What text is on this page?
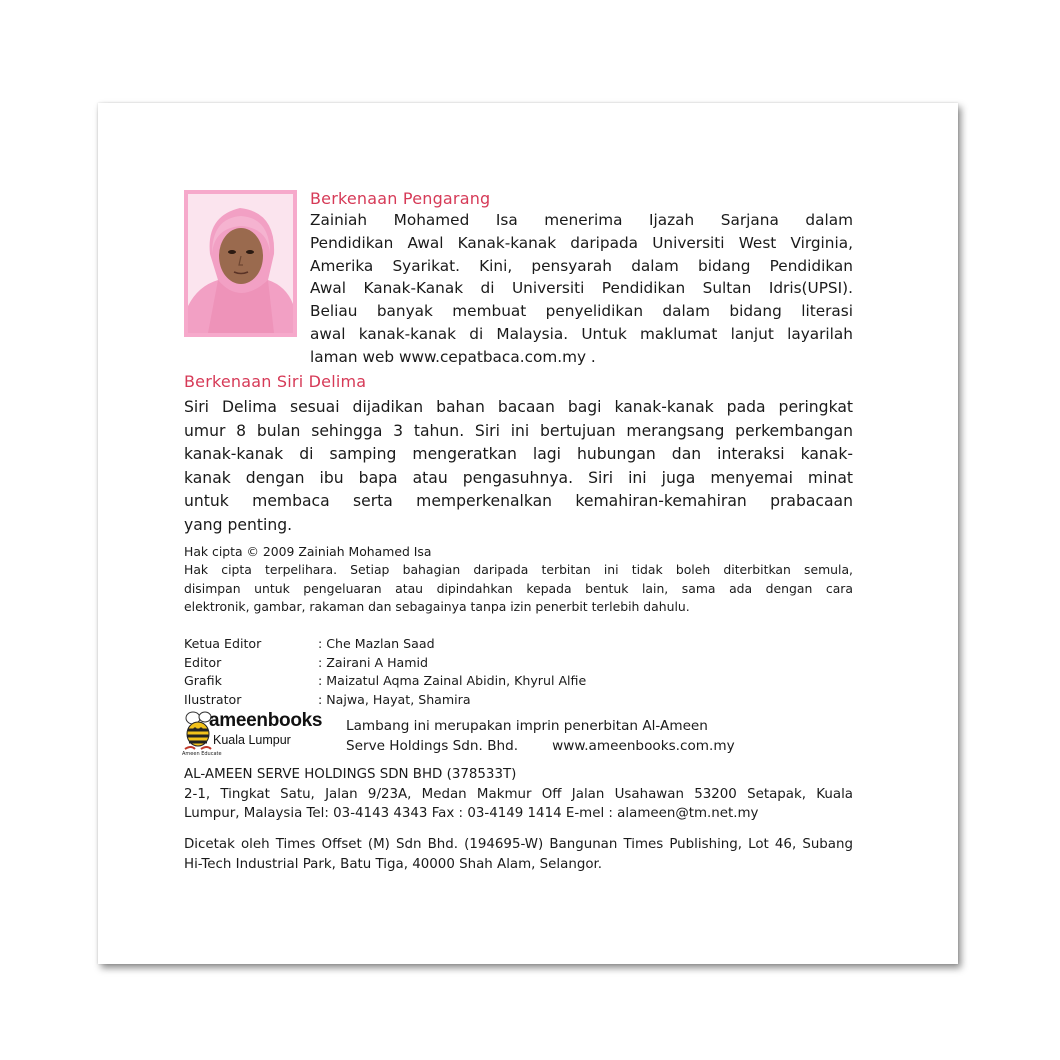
Berkenaan Pengarang
Zainiah Mohamed Isa menerima Ijazah Sarjana dalam
Pendidikan Awal Kanak-kanak daripada Universiti West Virginia,
Amerika Syarikat. Kini, pensyarah dalam bidang Pendidikan
Awal Kanak-Kanak di Universiti Pendidikan Sultan Idris(UPSI).
Beliau banyak membuat penyelidikan dalam bidang literasi
awal kanak-kanak di Malaysia. Untuk maklumat lanjut layarilah
laman web www.cepatbaca.com.my .
Berkenaan Siri Delima
Siri Delima sesuai dijadikan bahan bacaan bagi kanak-kanak pada peringkat
umur 8 bulan sehingga 3 tahun. Siri ini bertujuan merangsang perkembangan
kanak-kanak di samping mengeratkan lagi hubungan dan interaksi kanak-
kanak dengan ibu bapa atau pengasuhnya. Siri ini juga menyemai minat
untuk membaca serta memperkenalkan kemahiran-kemahiran prabacaan
yang penting.
Hak cipta © 2009 Zainiah Mohamed Isa
Hak cipta terpelihara. Setiap bahagian daripada terbitan ini tidak boleh diterbitkan semula,
disimpan untuk pengeluaran atau dipindahkan kepada bentuk lain, sama ada dengan cara
elektronik, gambar, rakaman dan sebagainya tanpa izin penerbit terlebih dahulu.
Ketua Editor	: Che Mazlan Saad
Editor	: Zairani A Hamid
Grafik	: Maizatul Aqma Zainal Abidin, Khyrul Alfie
Ilustrator	: Najwa, Hayat, Shamira
ameenbooks
Kuala Lumpur
Ameen Educate
Lambang ini merupakan imprin penerbitan Al-Ameen
Serve Holdings Sdn. Bhd.	www.ameenbooks.com.my
AL-AMEEN SERVE HOLDINGS SDN BHD (378533T)
2-1, Tingkat Satu, Jalan 9/23A, Medan Makmur Off Jalan Usahawan 53200 Setapak, Kuala
Lumpur, Malaysia Tel: 03-4143 4343 Fax : 03-4149 1414 E-mel : alameen@tm.net.my
Dicetak oleh Times Offset (M) Sdn Bhd. (194695-W) Bangunan Times Publishing, Lot 46, Subang
Hi-Tech Industrial Park, Batu Tiga, 40000 Shah Alam, Selangor.
